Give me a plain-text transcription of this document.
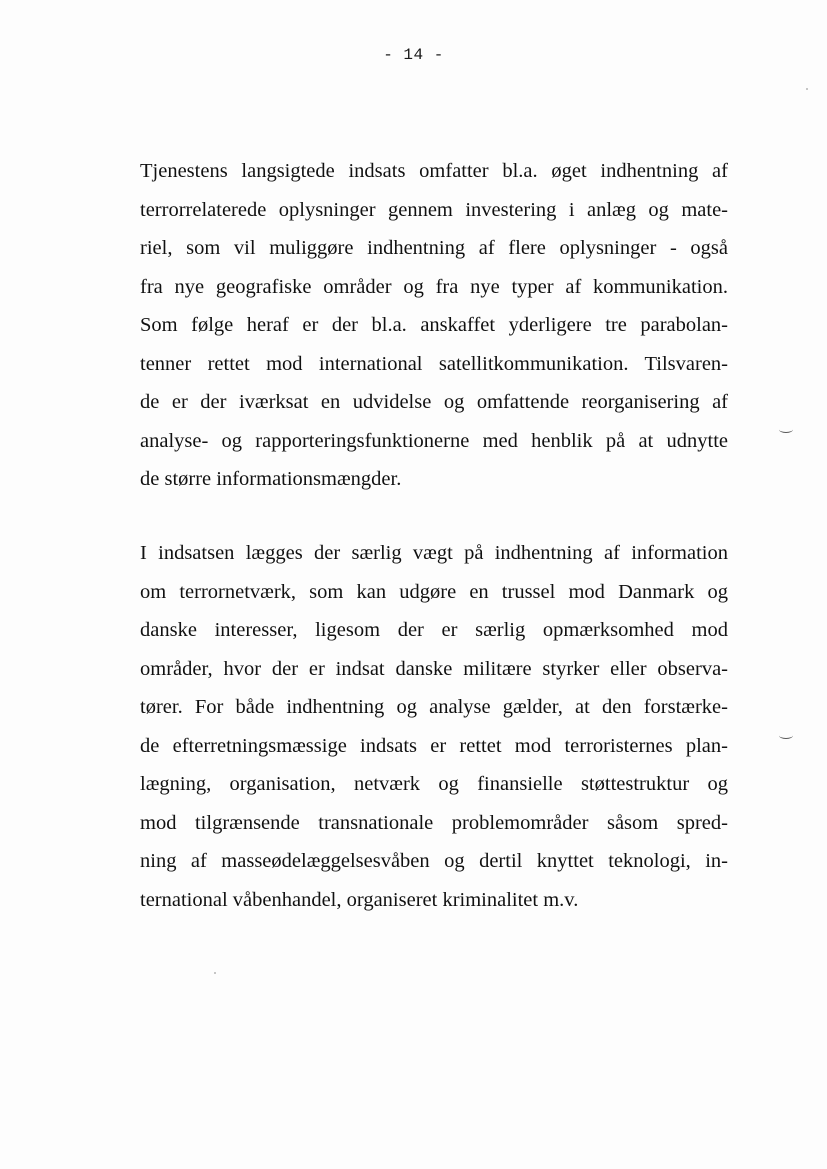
- 14 -

Tjenestens langsigtede indsats omfatter bl.a. øget indhentning af
terrorrelaterede oplysninger gennem investering i anlæg og mate-
riel, som vil muliggøre indhentning af flere oplysninger - også
fra nye geografiske områder og fra nye typer af kommunikation.
Som følge heraf er der bl.a. anskaffet yderligere tre parabolan-
tenner rettet mod international satellitkommunikation. Tilsvaren-
de er der iværksat en udvidelse og omfattende reorganisering af
analyse- og rapporteringsfunktionerne med henblik på at udnytte
de større informationsmængder.

I indsatsen lægges der særlig vægt på indhentning af information
om terrornetværk, som kan udgøre en trussel mod Danmark og
danske interesser, ligesom der er særlig opmærksomhed mod
områder, hvor der er indsat danske militære styrker eller observa-
tører. For både indhentning og analyse gælder, at den forstærke-
de efterretningsmæssige indsats er rettet mod terroristernes plan-
lægning, organisation, netværk og finansielle støttestruktur og
mod tilgrænsende transnationale problemområder såsom spred-
ning af masseødelæggelsesvåben og dertil knyttet teknologi, in-
ternational våbenhandel, organiseret kriminalitet m.v.
